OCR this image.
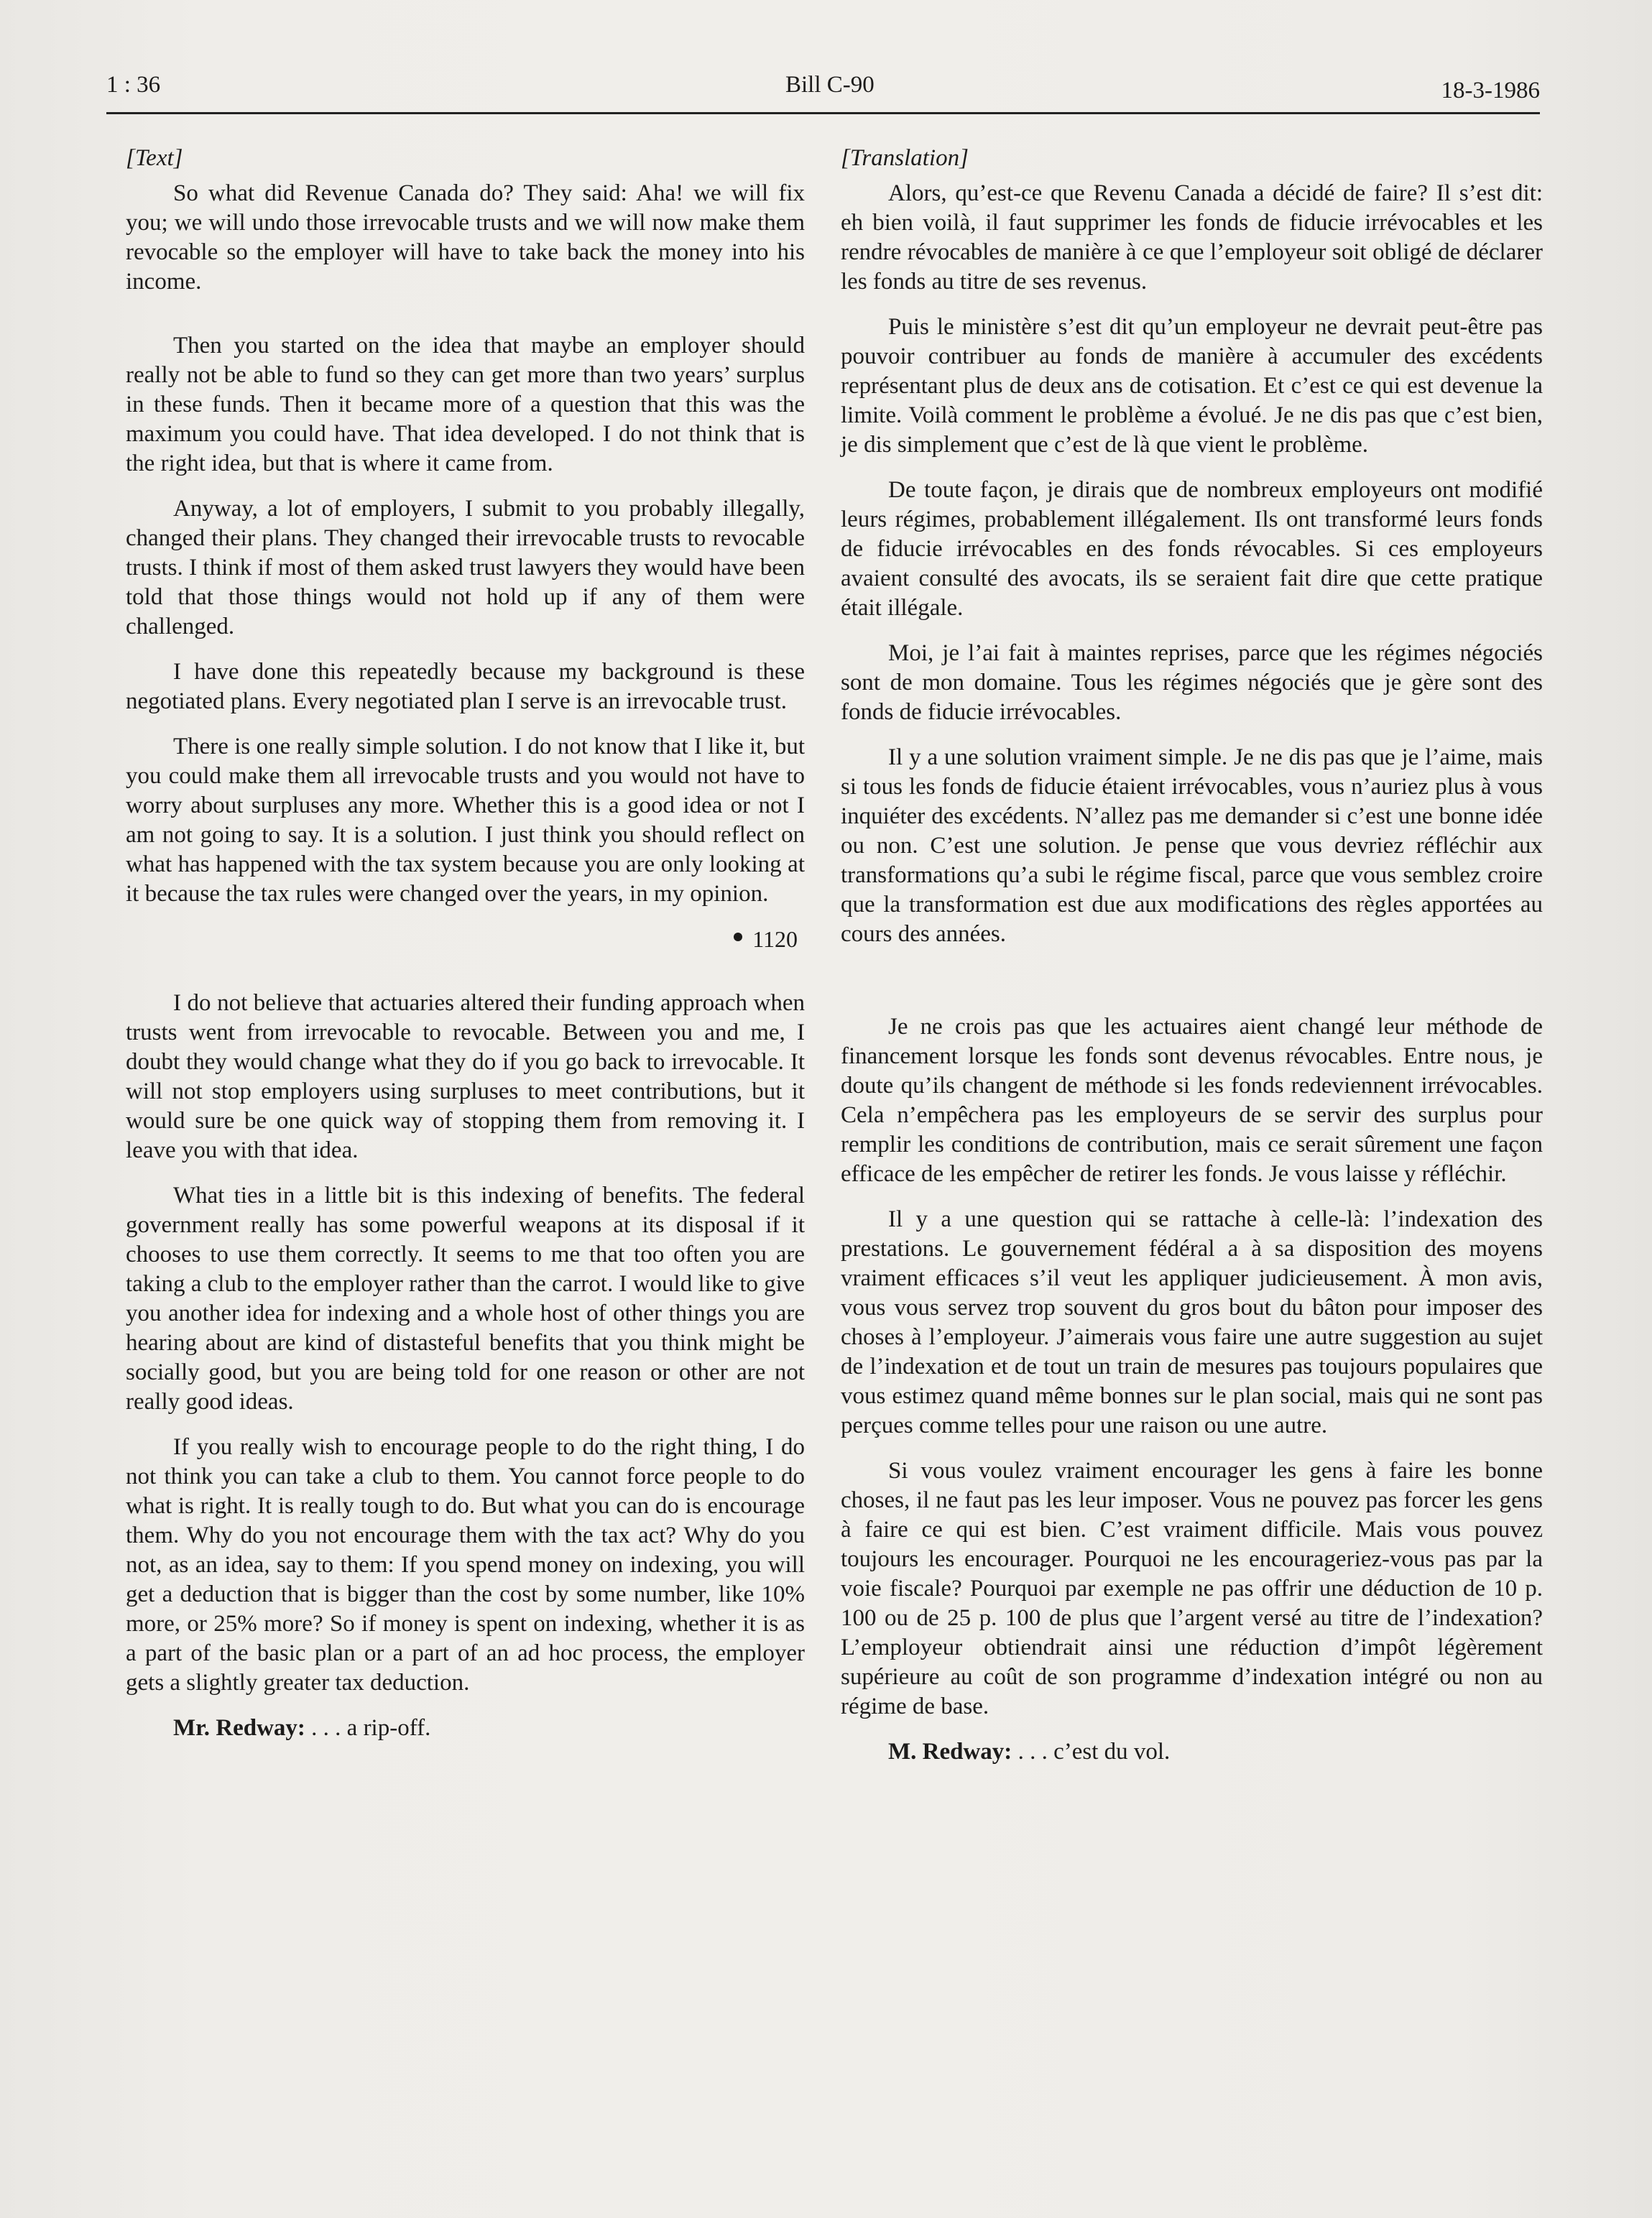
1 : 36	Bill C-90	18-3-1986

[Text]

So what did Revenue Canada do? They said: Aha! we will fix you; we will undo those irrevocable trusts and we will now make them revocable so the employer will have to take back the money into his income.

Then you started on the idea that maybe an employer should really not be able to fund so they can get more than two years’ surplus in these funds. Then it became more of a question that this was the maximum you could have. That idea developed. I do not think that is the right idea, but that is where it came from.

Anyway, a lot of employers, I submit to you probably illegally, changed their plans. They changed their irrevocable trusts to revocable trusts. I think if most of them asked trust lawyers they would have been told that those things would not hold up if any of them were challenged.

I have done this repeatedly because my background is these negotiated plans. Every negotiated plan I serve is an irrevocable trust.

There is one really simple solution. I do not know that I like it, but you could make them all irrevocable trusts and you would not have to worry about surpluses any more. Whether this is a good idea or not I am not going to say. It is a solution. I just think you should reflect on what has happened with the tax system because you are only looking at it because the tax rules were changed over the years, in my opinion.

1120

I do not believe that actuaries altered their funding approach when trusts went from irrevocable to revocable. Between you and me, I doubt they would change what they do if you go back to irrevocable. It will not stop employers using surpluses to meet contributions, but it would sure be one quick way of stopping them from removing it. I leave you with that idea.

What ties in a little bit is this indexing of benefits. The federal government really has some powerful weapons at its disposal if it chooses to use them correctly. It seems to me that too often you are taking a club to the employer rather than the carrot. I would like to give you another idea for indexing and a whole host of other things you are hearing about are kind of distasteful benefits that you think might be socially good, but you are being told for one reason or other are not really good ideas.

If you really wish to encourage people to do the right thing, I do not think you can take a club to them. You cannot force people to do what is right. It is really tough to do. But what you can do is encourage them. Why do you not encourage them with the tax act? Why do you not, as an idea, say to them: If you spend money on indexing, you will get a deduction that is bigger than the cost by some number, like 10% more, or 25% more? So if money is spent on indexing, whether it is as a part of the basic plan or a part of an ad hoc process, the employer gets a slightly greater tax deduction.

Mr. Redway: . . . a rip-off.

[Translation]

Alors, qu’est-ce que Revenu Canada a décidé de faire? Il s’est dit: eh bien voilà, il faut supprimer les fonds de fiducie irrévocables et les rendre révocables de manière à ce que l’employeur soit obligé de déclarer les fonds au titre de ses revenus.

Puis le ministère s’est dit qu’un employeur ne devrait peut-être pas pouvoir contribuer au fonds de manière à accumuler des excédents représentant plus de deux ans de cotisation. Et c’est ce qui est devenue la limite. Voilà comment le problème a évolué. Je ne dis pas que c’est bien, je dis simplement que c’est de là que vient le problème.

De toute façon, je dirais que de nombreux employeurs ont modifié leurs régimes, probablement illégalement. Ils ont transformé leurs fonds de fiducie irrévocables en des fonds révocables. Si ces employeurs avaient consulté des avocats, ils se seraient fait dire que cette pratique était illégale.

Moi, je l’ai fait à maintes reprises, parce que les régimes négociés sont de mon domaine. Tous les régimes négociés que je gère sont des fonds de fiducie irrévocables.

Il y a une solution vraiment simple. Je ne dis pas que je l’aime, mais si tous les fonds de fiducie étaient irrévocables, vous n’auriez plus à vous inquiéter des excédents. N’allez pas me demander si c’est une bonne idée ou non. C’est une solution. Je pense que vous devriez réfléchir aux transformations qu’a subi le régime fiscal, parce que vous semblez croire que la transformation est due aux modifications des règles apportées au cours des années.

Je ne crois pas que les actuaires aient changé leur méthode de financement lorsque les fonds sont devenus révocables. Entre nous, je doute qu’ils changent de méthode si les fonds redeviennent irrévocables. Cela n’empêchera pas les employeurs de se servir des surplus pour remplir les conditions de contribution, mais ce serait sûrement une façon efficace de les empêcher de retirer les fonds. Je vous laisse y réfléchir.

Il y a une question qui se rattache à celle-là: l’indexation des prestations. Le gouvernement fédéral a à sa disposition des moyens vraiment efficaces s’il veut les appliquer judicieusement. À mon avis, vous vous servez trop souvent du gros bout du bâton pour imposer des choses à l’employeur. J’aimerais vous faire une autre suggestion au sujet de l’indexation et de tout un train de mesures pas toujours populaires que vous estimez quand même bonnes sur le plan social, mais qui ne sont pas perçues comme telles pour une raison ou une autre.

Si vous voulez vraiment encourager les gens à faire les bonne choses, il ne faut pas les leur imposer. Vous ne pouvez pas forcer les gens à faire ce qui est bien. C’est vraiment difficile. Mais vous pouvez toujours les encourager. Pourquoi ne les encourageriez-vous pas par la voie fiscale? Pourquoi par exemple ne pas offrir une déduction de 10 p. 100 ou de 25 p. 100 de plus que l’argent versé au titre de l’indexation? L’employeur obtiendrait ainsi une réduction d’impôt légèrement supérieure au coût de son programme d’indexation intégré ou non au régime de base.

M. Redway: . . . c’est du vol.
